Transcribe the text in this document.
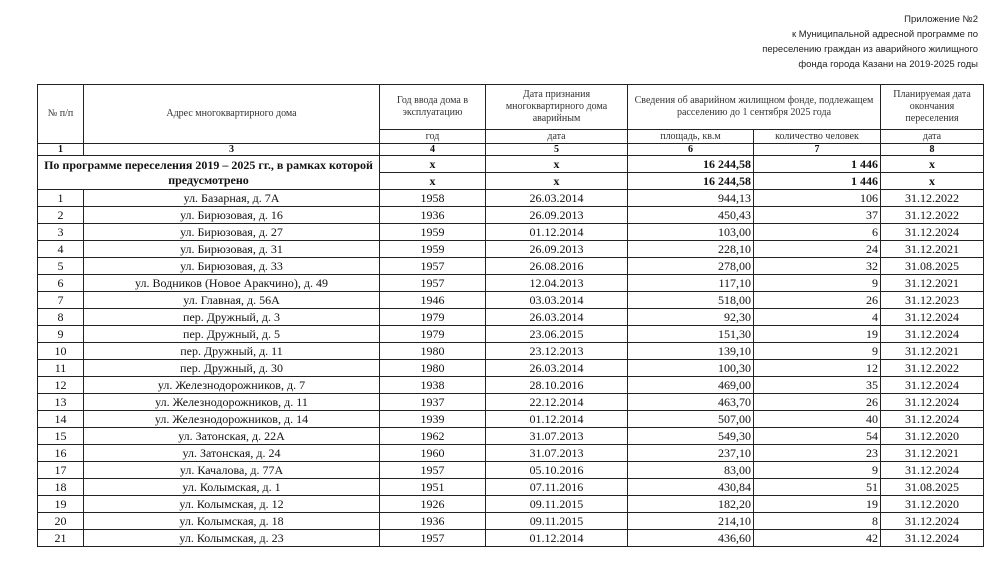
Приложение №2
к Муниципальной адресной программе по
переселению граждан из аварийного жилищного
фонда города Казани на 2019-2025 годы
№ п/п	Адрес многоквартирного дома	Год ввода дома в эксплуатацию	Дата признания многоквартирного дома аварийным	Сведения об аварийном жилищном фонде, подлежащем расселению до 1 сентября 2025 года		Планируемая дата окончания переселения
		год	дата	площадь, кв.м	количество человек	дата
1	3	4	5	6	7	8
По программе переселения 2019 – 2025 гг., в рамках которой предусмотрено		x	x	16 244,58	1 446	x
		x	x	16 244,58	1 446	x
1	ул. Базарная, д. 7А	1958	26.03.2014	944,13	106	31.12.2022
2	ул. Бирюзовая, д. 16	1936	26.09.2013	450,43	37	31.12.2022
3	ул. Бирюзовая, д. 27	1959	01.12.2014	103,00	6	31.12.2024
4	ул. Бирюзовая, д. 31	1959	26.09.2013	228,10	24	31.12.2021
5	ул. Бирюзовая, д. 33	1957	26.08.2016	278,00	32	31.08.2025
6	ул. Водников (Новое Аракчино), д. 49	1957	12.04.2013	117,10	9	31.12.2021
7	ул. Главная, д. 56А	1946	03.03.2014	518,00	26	31.12.2023
8	пер. Дружный, д. 3	1979	26.03.2014	92,30	4	31.12.2024
9	пер. Дружный, д. 5	1979	23.06.2015	151,30	19	31.12.2024
10	пер. Дружный, д. 11	1980	23.12.2013	139,10	9	31.12.2021
11	пер. Дружный, д. 30	1980	26.03.2014	100,30	12	31.12.2022
12	ул. Железнодорожников, д. 7	1938	28.10.2016	469,00	35	31.12.2024
13	ул. Железнодорожников, д. 11	1937	22.12.2014	463,70	26	31.12.2024
14	ул. Железнодорожников, д. 14	1939	01.12.2014	507,00	40	31.12.2024
15	ул. Затонская, д. 22А	1962	31.07.2013	549,30	54	31.12.2020
16	ул. Затонская, д. 24	1960	31.07.2013	237,10	23	31.12.2021
17	ул. Качалова, д. 77А	1957	05.10.2016	83,00	9	31.12.2024
18	ул. Колымская, д. 1	1951	07.11.2016	430,84	51	31.08.2025
19	ул. Колымская, д. 12	1926	09.11.2015	182,20	19	31.12.2020
20	ул. Колымская, д. 18	1936	09.11.2015	214,10	8	31.12.2024
21	ул. Колымская, д. 23	1957	01.12.2014	436,60	42	31.12.2024
